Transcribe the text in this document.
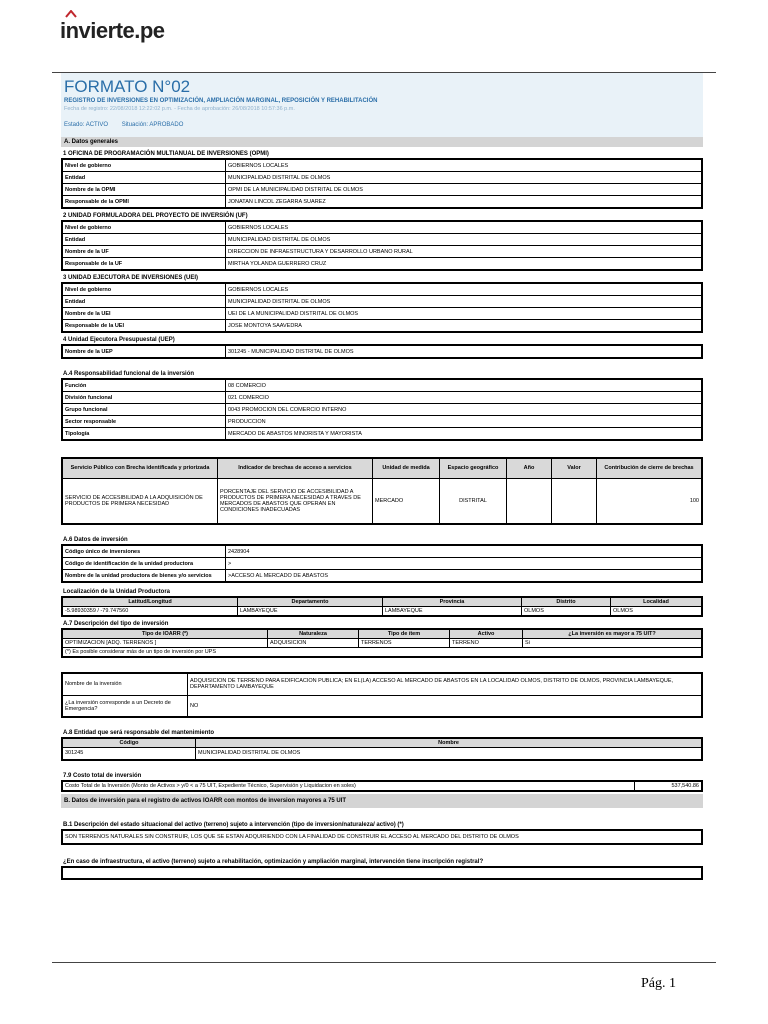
invierte.pe
FORMATO N°02
REGISTRO DE INVERSIONES EN OPTIMIZACIÓN, AMPLIACIÓN MARGINAL, REPOSICIÓN Y REHABILITACIÓN
Fecha de registro: 22/08/2018 12:22:02 p.m. - Fecha de aprobación: 26/08/2018 10:57:36 p.m.
Estado: ACTIVO Situación: APROBADO
A. Datos generales
1 OFICINA DE PROGRAMACIÓN MULTIANUAL DE INVERSIONES (OPMI)
Nivel de gobierno	GOBIERNOS LOCALES
Entidad	MUNICIPALIDAD DISTRITAL DE OLMOS
Nombre de la OPMI	OPMI DE LA MUNICIPALIDAD DISTRITAL DE OLMOS
Responsable de la OPMI	JONATAN LINCOL ZEGARRA SUAREZ
2 UNIDAD FORMULADORA DEL PROYECTO DE INVERSIÓN (UF)
Nivel de gobierno	GOBIERNOS LOCALES
Entidad	MUNICIPALIDAD DISTRITAL DE OLMOS
Nombre de la UF	DIRECCION DE INFRAESTRUCTURA Y DESARROLLO URBANO RURAL
Responsable de la UF	MIRTHA YOLANDA GUERRERO CRUZ
3 UNIDAD EJECUTORA DE INVERSIONES (UEI)
Nivel de gobierno	GOBIERNOS LOCALES
Entidad	MUNICIPALIDAD DISTRITAL DE OLMOS
Nombre de la UEI	UEI DE LA MUNICIPALIDAD DISTRITAL DE OLMOS
Responsable de la UEI	JOSE MONTOYA SAAVEDRA
4 Unidad Ejecutora Presupuestal (UEP)
Nombre de la UEP	301245 - MUNICIPALIDAD DISTRITAL DE OLMOS
A.4 Responsabilidad funcional de la inversión
Función	08 COMERCIO
División funcional	021 COMERCIO
Grupo funcional	0043 PROMOCION DEL COMERCIO INTERNO
Sector responsable	PRODUCCION
Tipología	MERCADO DE ABASTOS MINORISTA Y MAYORISTA
Servicio Público con Brecha identificada y priorizada	Indicador de brechas de acceso a servicios	Unidad de medida	Espacio geográfico	Año	Valor	Contribución de cierre de brechas
SERVICIO DE ACCESIBILIDAD A LA ADQUISICIÓN DE PRODUCTOS DE PRIMERA NECESIDAD	PORCENTAJE DEL SERVICIO DE ACCESIBILIDAD A PRODUCTOS DE PRIMERA NECESIDAD A TRAVES DE MERCADOS DE ABASTOS QUE OPERAN EN CONDICIONES INADECUADAS	MERCADO	DISTRITAL			100
A.6 Datos de inversión
Código único de inversiones	2428904
Código de identificación de la unidad productora	>
Nombre de la unidad productora de bienes y/o servicios	>ACCESO AL MERCADO DE ABASTOS
Localización de la Unidad Productora
Latitud/Longitud	Departamento	Provincia	Distrito	Localidad
-5.98930359 / -79.747560	LAMBAYEQUE	LAMBAYEQUE	OLMOS	OLMOS
A.7 Descripción del tipo de inversión
Tipo de IOARR (*)	Naturaleza	Tipo de ítem	Activo	¿La inversión es mayor a 75 UIT?
OPTIMIZACION [ADQ. TERRENOS ]	ADQUISICION	TERRENOS	TERRENO	Si
(*) Es posible considerar más de un tipo de inversión por UPS				
Nombre de la inversión	ADQUISICION DE TERRENO PARA EDIFICACION PUBLICA; EN EL(LA) ACCESO AL MERCADO DE ABASTOS EN LA LOCALIDAD OLMOS, DISTRITO DE OLMOS, PROVINCIA LAMBAYEQUE, DEPARTAMENTO LAMBAYEQUE
¿La inversión corresponde a un Decreto de Emergencia?	NO
A.8 Entidad que será responsable del mantenimiento
Código	Nombre
301245	MUNICIPALIDAD DISTRITAL DE OLMOS
7.9 Costo total de inversión
Costo Total de la Inversión (Monto de Activos > y/0 < a 75 UIT, Expediente Técnico, Supervisión y Liquidacion en soles)	537,540.86
B. Datos de inversión para el registro de activos IOARR con montos de inversion mayores a 75 UIT
B.1 Descripción del estado situacional del activo (terreno) sujeto a intervención (tipo de inversion/naturaleza/ activo) (*)
SON TERRENOS NATURALES SIN CONSTRUIR, LOS QUE SE ESTAN ADQUIRIENDO CON LA FINALIDAD DE CONSTRUIR EL ACCESO AL MERCADO DEL DISTRITO DE OLMOS
¿En caso de infraestructura, el activo (terreno) sujeto a rehabilitación, optimización y ampliación marginal, intervención tiene inscripción registral?
Pág. 1
